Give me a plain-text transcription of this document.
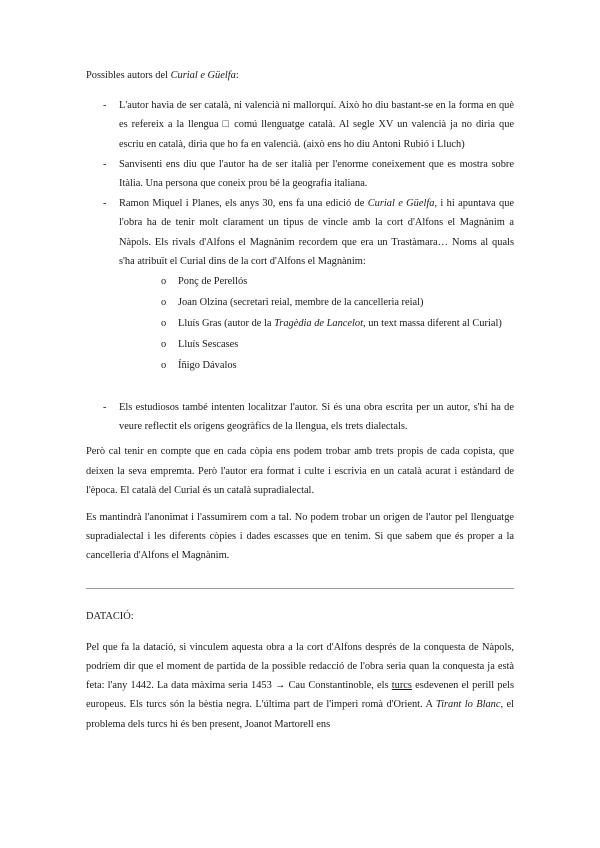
Possibles autors del Curial e Güelfa:

- L'autor havia de ser català, ni valencià ni mallorquí. Això ho diu bastant-se en la forma en què es refereix a la llengua □ comú llenguatge català. Al segle XV un valencià ja no diria que escriu en català, diria que ho fa en valencià. (això ens ho diu Antoni Rubió i Lluch)
- Sanvisenti ens diu que l'autor ha de ser italià per l'enorme coneixement que es mostra sobre Itàlia. Una persona que coneix prou bé la geografia italiana.
- Ramon Miquel i Planes, els anys 30, ens fa una edició de Curial e Güelfa, i hi apuntava que l'obra ha de tenir molt clarament un tipus de vincle amb la cort d'Alfons el Magnànim a Nàpols. Els rivals d'Alfons el Magnànim recordem que era un Trastàmara… Noms al quals s'ha atribuït el Curial dins de la cort d'Alfons el Magnànim:
o Ponç de Perellós
o Joan Olzina (secretari reial, membre de la cancelleria reial)
o Lluís Gras (autor de la Tragèdia de Lancelot, un text massa diferent al Curial)
o Lluís Sescases
o Íñigo Dávalos
- Els estudiosos també intenten localitzar l'autor. Si és una obra escrita per un autor, s'hi ha de veure reflectit els orígens geogràfics de la llengua, els trets dialectals.

Però cal tenir en compte que en cada còpia ens podem trobar amb trets propis de cada copista, que deixen la seva empremta. Però l'autor era format i culte i escrivia en un català acurat i estàndard de l'època. El català del Curial és un català supradialectal.

Es mantindrà l'anonimat i l'assumirem com a tal. No podem trobar un origen de l'autor pel llenguatge supradialectal i les diferents còpies i dades escasses que en tenim. Si que sabem que és proper a la cancelleria d'Alfons el Magnànim.

DATACIÓ:

Pel que fa la datació, si vinculem aquesta obra a la cort d'Alfons després de la conquesta de Nàpols, podríem dir que el moment de partida de la possible redacció de l'obra seria quan la conquesta ja està feta: l'any 1442. La data màxima seria 1453 → Cau Constantinoble, els turcs esdevenen el perill pels europeus. Els turcs són la bèstia negra. L'última part de l'imperi romà d'Orient. A Tirant lo Blanc, el problema dels turcs hi és ben present, Joanot Martorell ens
